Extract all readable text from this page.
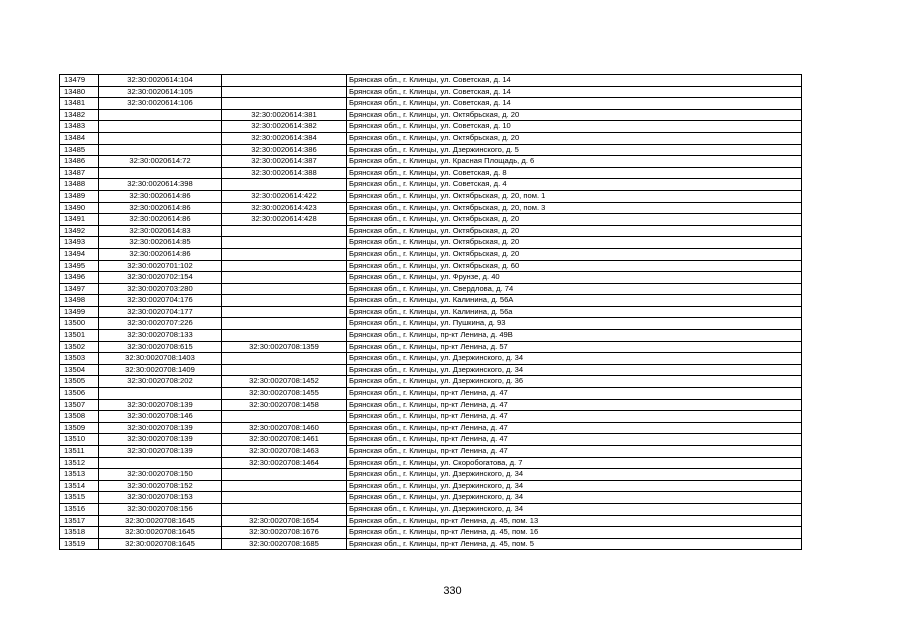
13479	32:30:0020614:104		Брянская обл., г. Клинцы, ул. Советская, д. 14
13480	32:30:0020614:105		Брянская обл., г. Клинцы, ул. Советская, д. 14
13481	32:30:0020614:106		Брянская обл., г. Клинцы, ул. Советская, д. 14
13482		32:30:0020614:381	Брянская обл., г. Клинцы, ул. Октябрьская, д. 20
13483		32:30:0020614:382	Брянская обл., г. Клинцы, ул. Советская, д. 10
13484		32:30:0020614:384	Брянская обл., г. Клинцы, ул. Октябрьская, д. 20
13485		32:30:0020614:386	Брянская обл., г. Клинцы, ул. Дзержинского, д. 5
13486	32:30:0020614:72	32:30:0020614:387	Брянская обл., г. Клинцы, ул. Красная Площадь, д. 6
13487		32:30:0020614:388	Брянская обл., г. Клинцы, ул. Советская, д. 8
13488	32:30:0020614:398		Брянская обл., г. Клинцы, ул. Советская, д. 4
13489	32:30:0020614:86	32:30:0020614:422	Брянская обл., г. Клинцы, ул. Октябрьская, д. 20, пом. 1
13490	32:30:0020614:86	32:30:0020614:423	Брянская обл., г. Клинцы, ул. Октябрьская, д. 20, пом. 3
13491	32:30:0020614:86	32:30:0020614:428	Брянская обл., г. Клинцы, ул. Октябрьская, д. 20
13492	32:30:0020614:83		Брянская обл., г. Клинцы, ул. Октябрьская, д. 20
13493	32:30:0020614:85		Брянская обл., г. Клинцы, ул. Октябрьская, д. 20
13494	32:30:0020614:86		Брянская обл., г. Клинцы, ул. Октябрьская, д. 20
13495	32:30:0020701:102		Брянская обл., г. Клинцы, ул. Октябрьская, д. 60
13496	32:30:0020702:154		Брянская обл., г. Клинцы, ул. Фрунзе, д. 40
13497	32:30:0020703:280		Брянская обл., г. Клинцы, ул. Свердлова, д. 74
13498	32:30:0020704:176		Брянская обл., г. Клинцы, ул. Калинина, д. 56А
13499	32:30:0020704:177		Брянская обл., г. Клинцы, ул. Калинина, д. 56а
13500	32:30:0020707:226		Брянская обл., г. Клинцы, ул. Пушкина, д. 93
13501	32:30:0020708:133		Брянская обл., г. Клинцы, пр-кт Ленина, д. 49В
13502	32:30:0020708:615	32:30:0020708:1359	Брянская обл., г. Клинцы, пр-кт Ленина, д. 57
13503	32:30:0020708:1403		Брянская обл., г. Клинцы, ул. Дзержинского, д. 34
13504	32:30:0020708:1409		Брянская обл., г. Клинцы, ул. Дзержинского, д. 34
13505	32:30:0020708:202	32:30:0020708:1452	Брянская обл., г. Клинцы, ул. Дзержинского, д. 36
13506		32:30:0020708:1455	Брянская обл., г. Клинцы, пр-кт Ленина, д. 47
13507	32:30:0020708:139	32:30:0020708:1458	Брянская обл., г. Клинцы, пр-кт Ленина, д. 47
13508	32:30:0020708:146		Брянская обл., г. Клинцы, пр-кт Ленина, д. 47
13509	32:30:0020708:139	32:30:0020708:1460	Брянская обл., г. Клинцы, пр-кт Ленина, д. 47
13510	32:30:0020708:139	32:30:0020708:1461	Брянская обл., г. Клинцы, пр-кт Ленина, д. 47
13511	32:30:0020708:139	32:30:0020708:1463	Брянская обл., г. Клинцы, пр-кт Ленина, д. 47
13512		32:30:0020708:1464	Брянская обл., г. Клинцы, ул. Скоробогатова, д. 7
13513	32:30:0020708:150		Брянская обл., г. Клинцы, ул. Дзержинского, д. 34
13514	32:30:0020708:152		Брянская обл., г. Клинцы, ул. Дзержинского, д. 34
13515	32:30:0020708:153		Брянская обл., г. Клинцы, ул. Дзержинского, д. 34
13516	32:30:0020708:156		Брянская обл., г. Клинцы, ул. Дзержинского, д. 34
13517	32:30:0020708:1645	32:30:0020708:1654	Брянская обл., г. Клинцы, пр-кт Ленина, д. 45, пом. 13
13518	32:30:0020708:1645	32:30:0020708:1676	Брянская обл., г. Клинцы, пр-кт Ленина, д. 45, пом. 16
13519	32:30:0020708:1645	32:30:0020708:1685	Брянская обл., г. Клинцы, пр-кт Ленина, д. 45, пом. 5
330
